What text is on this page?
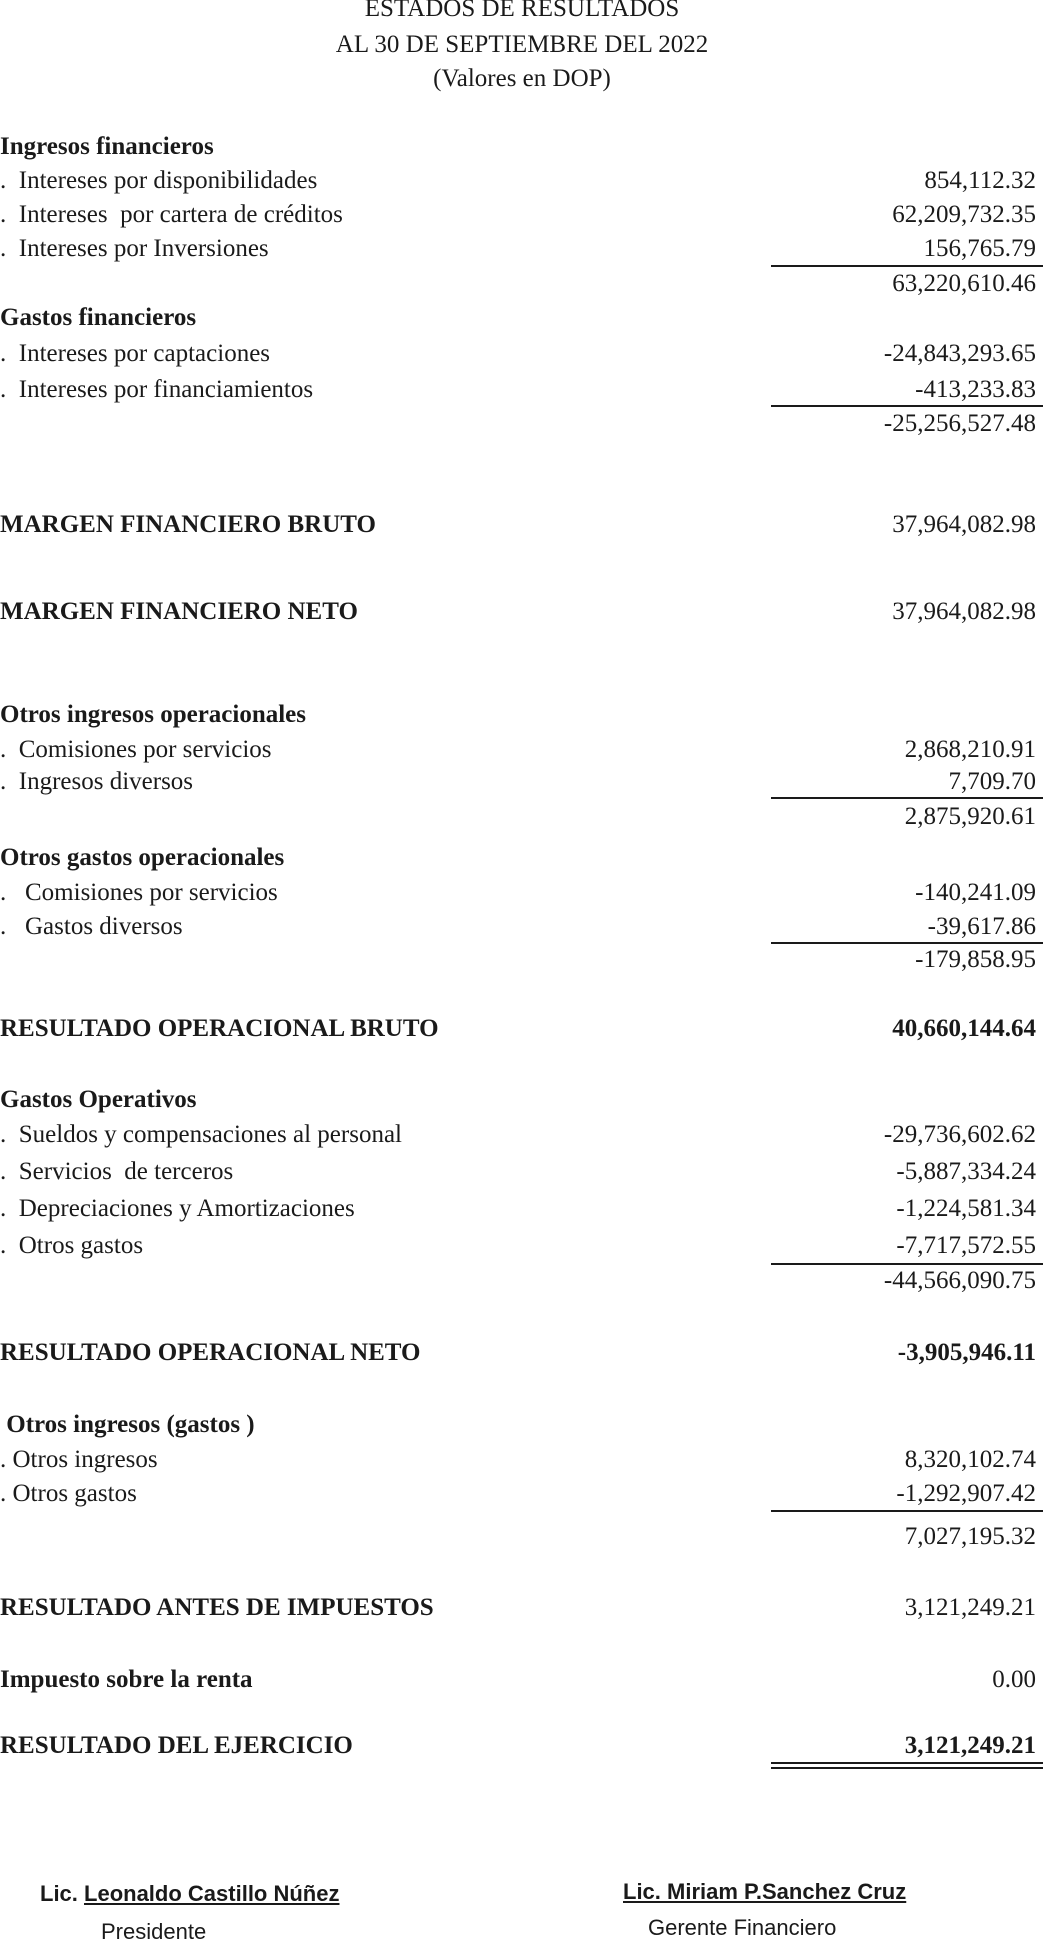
ESTADOS DE RESULTADOS
AL 30 DE SEPTIEMBRE DEL 2022
(Valores en DOP)
Ingresos financieros
.  Intereses por disponibilidades	854,112.32
.  Intereses  por cartera de créditos	62,209,732.35
.  Intereses por Inversiones	156,765.79
63,220,610.46
Gastos financieros
.  Intereses por captaciones	-24,843,293.65
.  Intereses por financiamientos	-413,233.83
-25,256,527.48
MARGEN FINANCIERO BRUTO	37,964,082.98
MARGEN FINANCIERO NETO	37,964,082.98
Otros ingresos operacionales
.  Comisiones por servicios	2,868,210.91
.  Ingresos diversos	7,709.70
2,875,920.61
Otros gastos operacionales
.   Comisiones por servicios	-140,241.09
.   Gastos diversos	-39,617.86
-179,858.95
RESULTADO OPERACIONAL BRUTO	40,660,144.64
Gastos Operativos
.  Sueldos y compensaciones al personal	-29,736,602.62
.  Servicios  de terceros	-5,887,334.24
.  Depreciaciones y Amortizaciones	-1,224,581.34
.  Otros gastos	-7,717,572.55
-44,566,090.75
RESULTADO OPERACIONAL NETO	-3,905,946.11
Otros ingresos (gastos )
. Otros ingresos	8,320,102.74
. Otros gastos	-1,292,907.42
7,027,195.32
RESULTADO ANTES DE IMPUESTOS	3,121,249.21
Impuesto sobre la renta	0.00
RESULTADO DEL EJERCICIO	3,121,249.21
Lic. Leonaldo Castillo Núñez
Presidente
Lic. Miriam P.Sanchez Cruz
Gerente Financiero
